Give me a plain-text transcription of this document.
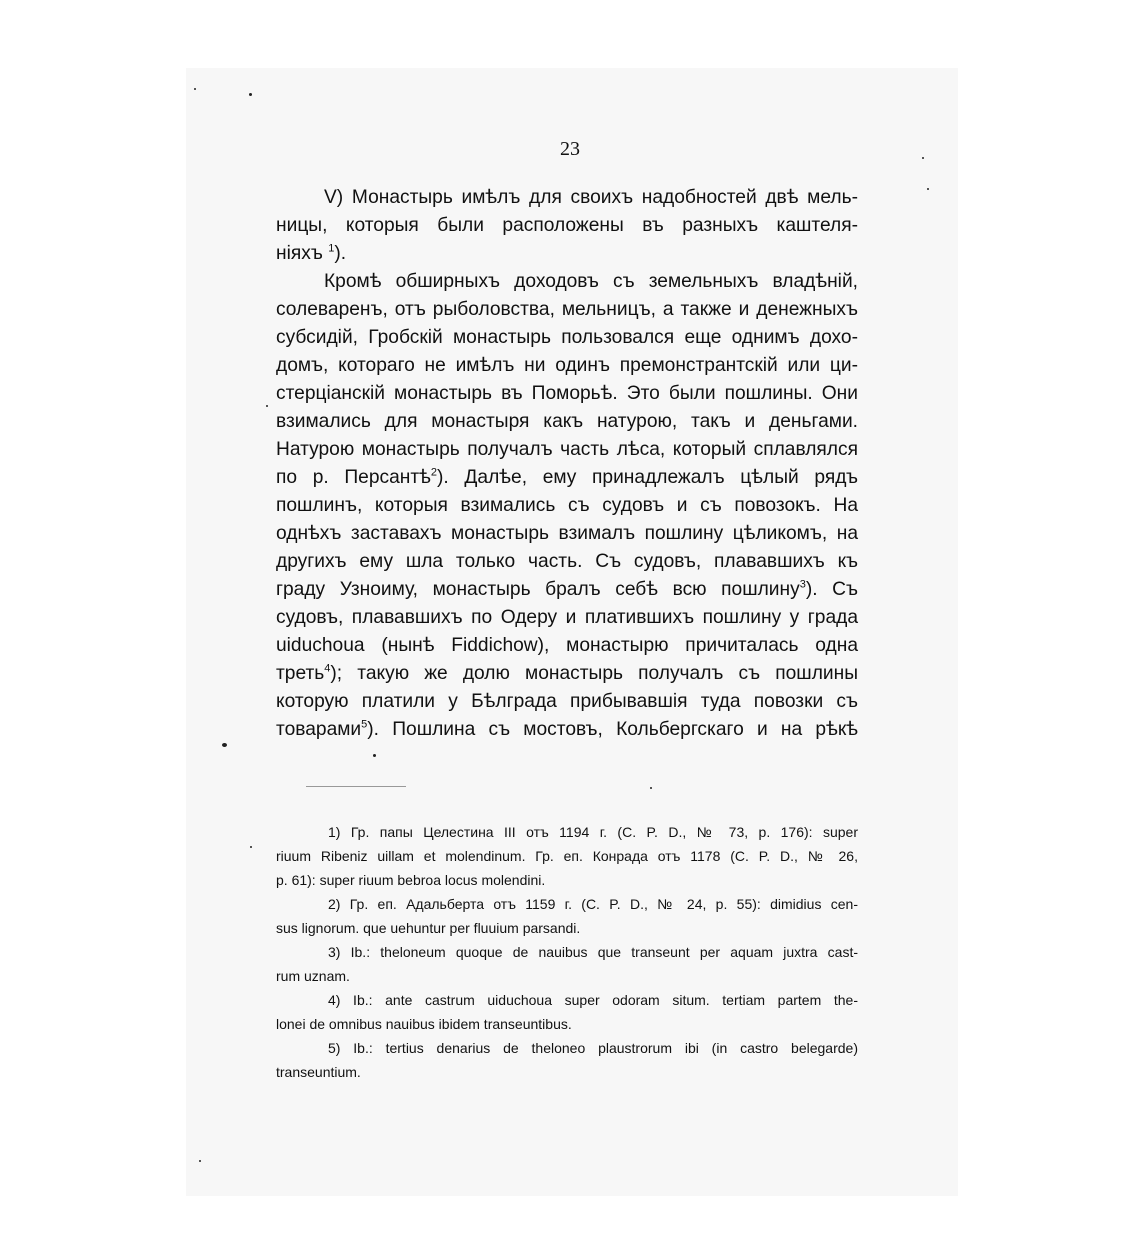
23
V) Монастырь имѣлъ для своихъ надобностей двѣ мель-
ницы, которыя были расположены въ разныхъ каштеля-
ніяхъ $^1$).
Кромѣ обширныхъ доходовъ съ земельныхъ владѣній,
солеваренъ, отъ рыболовства, мельницъ, а также и денежныхъ
субсидій, Гробскій монастырь пользовался еще однимъ дохо-
домъ, котораго не имѣлъ ни одинъ премонстрантскій или ци-
стерціанскій монастырь въ Поморьѣ. Это были пошлины. Они
взимались для монастыря какъ натурою, такъ и деньгами.
Натурою монастырь получалъ часть лѣса, который сплавлялся
по р. Персантѣ$^2$). Далѣе, ему принадлежалъ цѣлый рядъ
пошлинъ, которыя взимались съ судовъ и съ повозокъ. На
однѣхъ заставахъ монастырь взималъ пошлину цѣликомъ, на
другихъ ему шла только часть. Съ судовъ, плававшихъ къ
граду Узноиму, монастырь бралъ себѣ всю пошлину$^3$). Съ
судовъ, плававшихъ по Одеру и платившихъ пошлину у града
uiduchoua (нынѣ Fiddichow), монастырю причиталась одна
треть$^4$); такую же долю монастырь получалъ съ пошлины
которую платили у Бѣлграда прибывавшія туда повозки съ
товарами$^5$). Пошлина съ мостовъ, Кольбергскаго и на рѣкѣ
1) Гр. папы Целестина III отъ 1194 г. (С. P. D., № 73, p. 176): super
riuum Ribeniz uillam et molendinum. Гр. еп. Конрада отъ 1178 (С. P. D., № 26,
p. 61): super riuum bebroa locus molendini.
2) Гр. еп. Адальберта отъ 1159 г. (С. P. D., № 24, p. 55): dimidius cen-
sus lignorum. que uehuntur per fluuium parsandi.
3) Ib.: theloneum quoque de nauibus que transeunt per aquam juxtra cast-
rum uznam.
4) Ib.: ante castrum uiduchoua super odoram situm. tertiam partem the-
lonei de omnibus nauibus ibidem transeuntibus.
5) Ib.: tertius denarius de theloneo plaustrorum ibi (in castro belegarde)
transeuntium.
